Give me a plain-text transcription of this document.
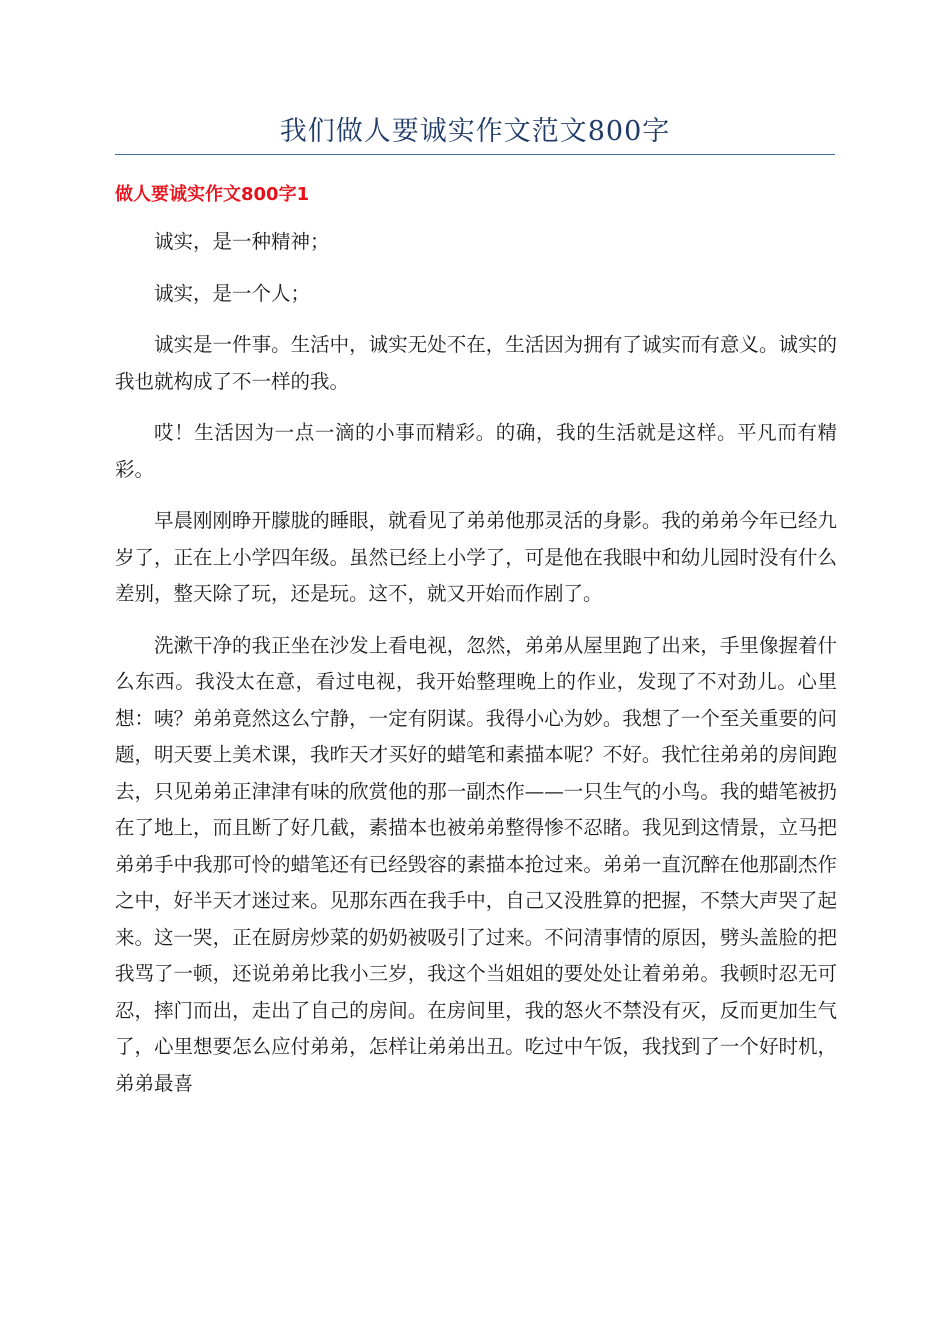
我们做人要诚实作文范文800字
做人要诚实作文800字1

诚实，是一种精神；

诚实，是一个人；

诚实是一件事。生活中，诚实无处不在，生活因为拥有了诚实而有意义。诚实的我也就构成了不一样的我。

哎！生活因为一点一滴的小事而精彩。的确，我的生活就是这样。平凡而有精彩。

早晨刚刚睁开朦胧的睡眼，就看见了弟弟他那灵活的身影。我的弟弟今年已经九岁了，正在上小学四年级。虽然已经上小学了，可是他在我眼中和幼儿园时没有什么差别，整天除了玩，还是玩。这不，就又开始而作剧了。

洗漱干净的我正坐在沙发上看电视，忽然，弟弟从屋里跑了出来，手里像握着什么东西。我没太在意，看过电视，我开始整理晚上的作业，发现了不对劲儿。心里想：咦？弟弟竟然这么宁静，一定有阴谋。我得小心为妙。我想了一个至关重要的问题，明天要上美术课，我昨天才买好的蜡笔和素描本呢？不好。我忙往弟弟的房间跑去，只见弟弟正津津有味的欣赏他的那一副杰作——一只生气的小鸟。我的蜡笔被扔在了地上，而且断了好几截，素描本也被弟弟整得惨不忍睹。我见到这情景，立马把弟弟手中我那可怜的蜡笔还有已经毁容的素描本抢过来。弟弟一直沉醉在他那副杰作之中，好半天才迷过来。见那东西在我手中，自己又没胜算的把握，不禁大声哭了起来。这一哭，正在厨房炒菜的奶奶被吸引了过来。不问清事情的原因，劈头盖脸的把我骂了一顿，还说弟弟比我小三岁，我这个当姐姐的要处处让着弟弟。我顿时忍无可忍，摔门而出，走出了自己的房间。在房间里，我的怒火不禁没有灭，反而更加生气了，心里想要怎么应付弟弟，怎样让弟弟出丑。吃过中午饭，我找到了一个好时机，弟弟最喜
